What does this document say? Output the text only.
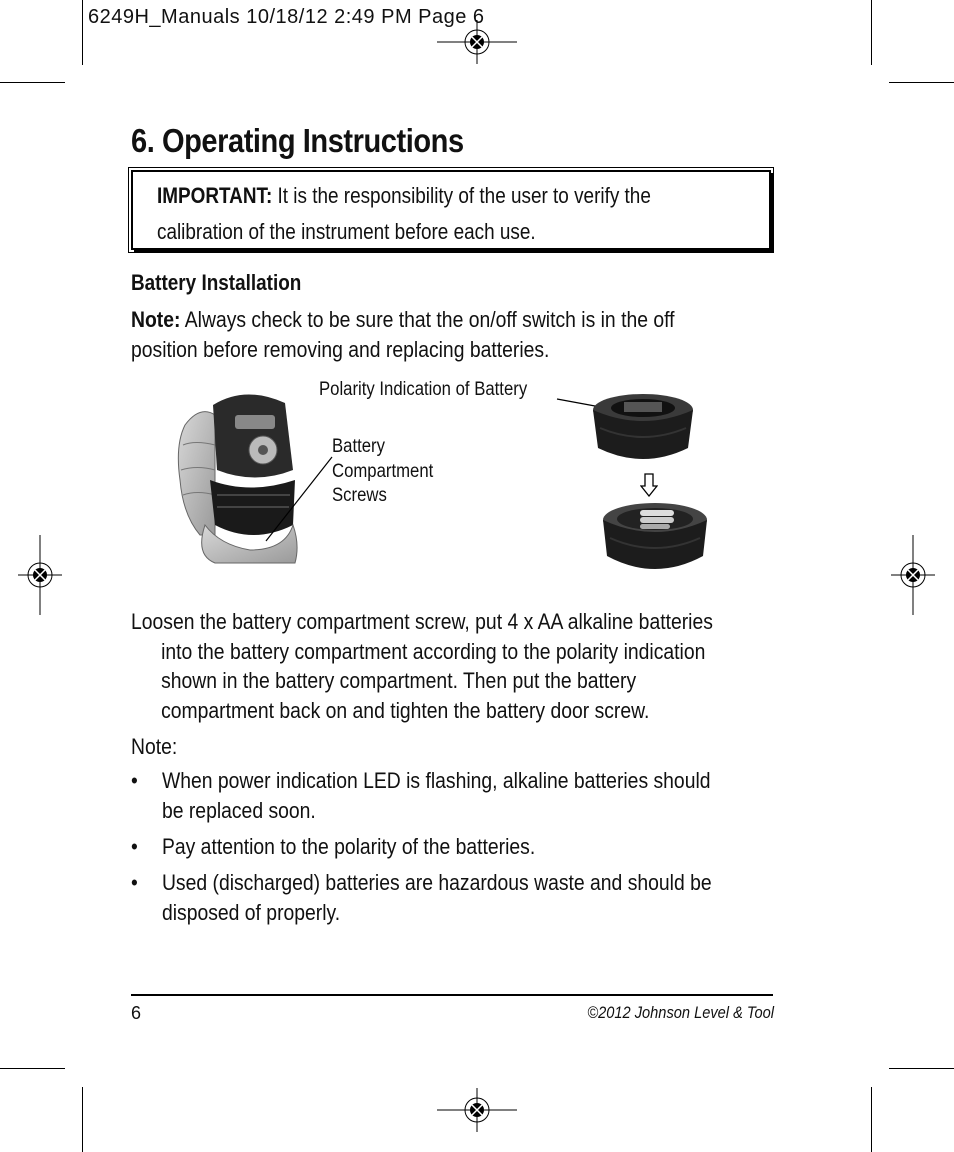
6249H_Manuals 10/18/12 2:49 PM Page 6
6. Operating Instructions
IMPORTANT: It is the responsibility of the user to verify the
calibration of the instrument before each use.
Battery Installation
Note: Always check to be sure that the on/off switch is in the off
position before removing and replacing batteries.
Polarity Indication of Battery
Battery
Compartment
Screws
Loosen the battery compartment screw, put 4 x AA alkaline batteries
into the battery compartment according to the polarity indication
shown in the battery compartment. Then put the battery
compartment back on and tighten the battery door screw.
Note:
• When power indication LED is flashing, alkaline batteries should
be replaced soon.
• Pay attention to the polarity of the batteries.
• Used (discharged) batteries are hazardous waste and should be
disposed of properly.
6	©2012 Johnson Level & Tool
